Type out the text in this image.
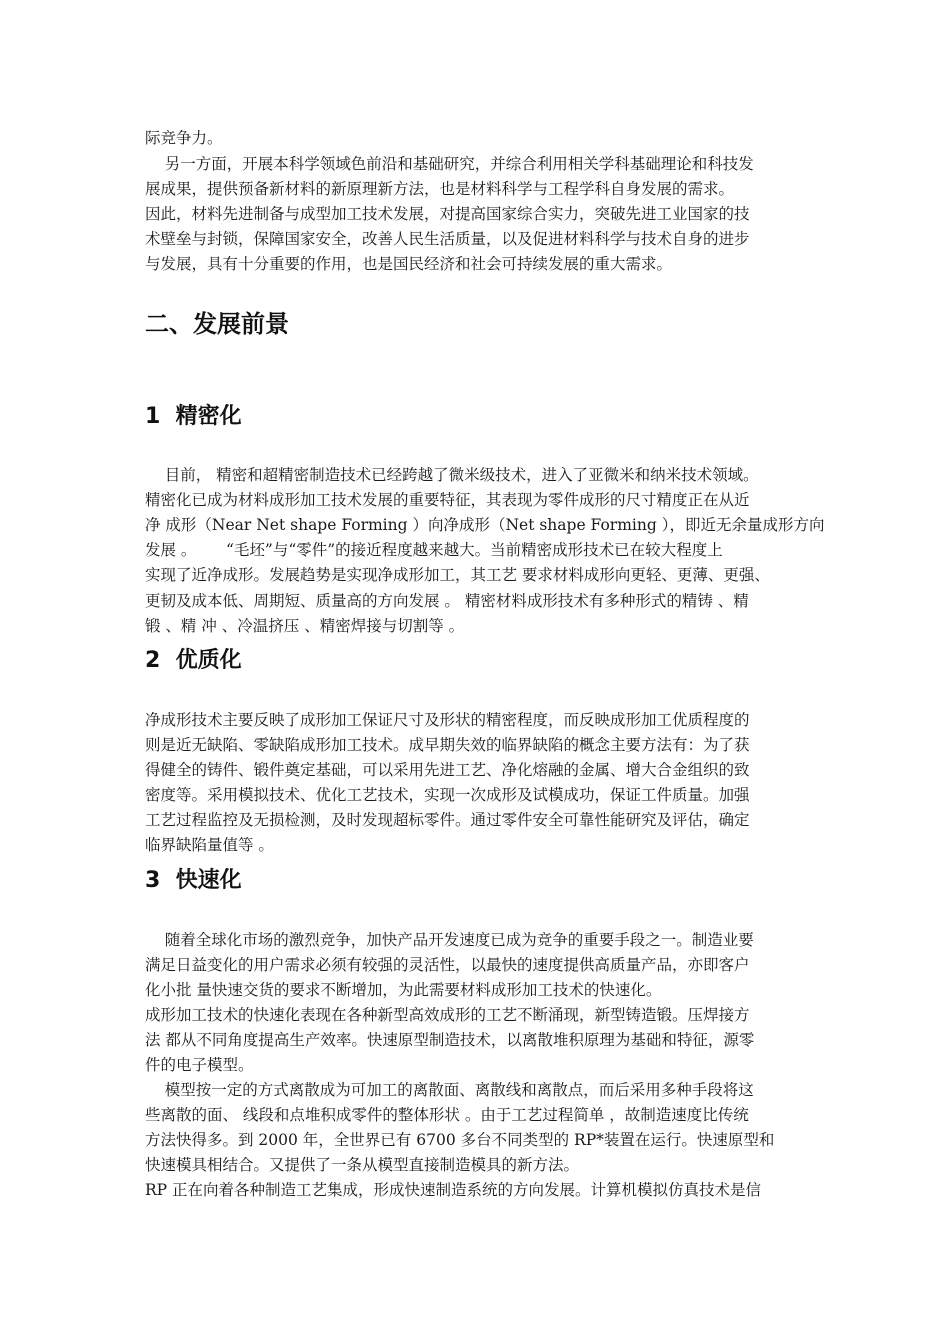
际竞争力。
另一方面，开展本科学领域色前沿和基础研究，并综合利用相关学科基础理论和科技发
展成果，提供预备新材料的新原理新方法，也是材料科学与工程学科自身发展的需求。
因此，材料先进制备与成型加工技术发展，对提高国家综合实力，突破先进工业国家的技
术壁垒与封锁，保障国家安全，改善人民生活质量，以及促进材料科学与技术自身的进步
与发展，具有十分重要的作用，也是国民经济和社会可持续发展的重大需求。
二、发展前景
1  精密化
目前， 精密和超精密制造技术已经跨越了微米级技术，进入了亚微米和纳米技术领域。
精密化已成为材料成形加工技术发展的重要特征，其表现为零件成形的尺寸精度正在从近
净 成形（Near Net shape Forming ）向净成形（Net shape Forming ），即近无余量成形方向
发展 。      “毛坯”与“零件”的接近程度越来越大。当前精密成形技术已在较大程度上
实现了近净成形。发展趋势是实现净成形加工，其工艺 要求材料成形向更轻、更薄、更强、
更韧及成本低、周期短、质量高的方向发展 。 精密材料成形技术有多种形式的精铸 、精
锻 、精 冲 、冷温挤压 、精密焊接与切割等 。
2  优质化
净成形技术主要反映了成形加工保证尺寸及形状的精密程度，而反映成形加工优质程度的
则是近无缺陷、零缺陷成形加工技术。成早期失效的临界缺陷的概念主要方法有：为了获
得健全的铸件、锻件奠定基础，可以采用先进工艺、净化熔融的金属、增大合金组织的致
密度等。采用模拟技术、优化工艺技术，实现一次成形及试模成功，保证工件质量。加强
工艺过程监控及无损检测，及时发现超标零件。通过零件安全可靠性能研究及评估，确定
临界缺陷量值等 。
3  快速化
随着全球化市场的激烈竞争，加快产品开发速度已成为竞争的重要手段之一。制造业要
满足日益变化的用户需求必须有较强的灵活性，以最快的速度提供高质量产品，亦即客户
化小批 量快速交货的要求不断增加，为此需要材料成形加工技术的快速化。
成形加工技术的快速化表现在各种新型高效成形的工艺不断涌现，新型铸造锻。压焊接方
法 都从不同角度提高生产效率。快速原型制造技术，以离散堆积原理为基础和特征，源零
件的电子模型。
模型按一定的方式离散成为可加工的离散面、离散线和离散点，而后采用多种手段将这
些离散的面、 线段和点堆积成零件的整体形状 。由于工艺过程简单 ，故制造速度比传统
方法快得多。到 2000 年，全世界已有 6700 多台不同类型的 RP*装置在运行。快速原型和
快速模具相结合。又提供了一条从模型直接制造模具的新方法。
RP 正在向着各种制造工艺集成，形成快速制造系统的方向发展。计算机模拟仿真技术是信
